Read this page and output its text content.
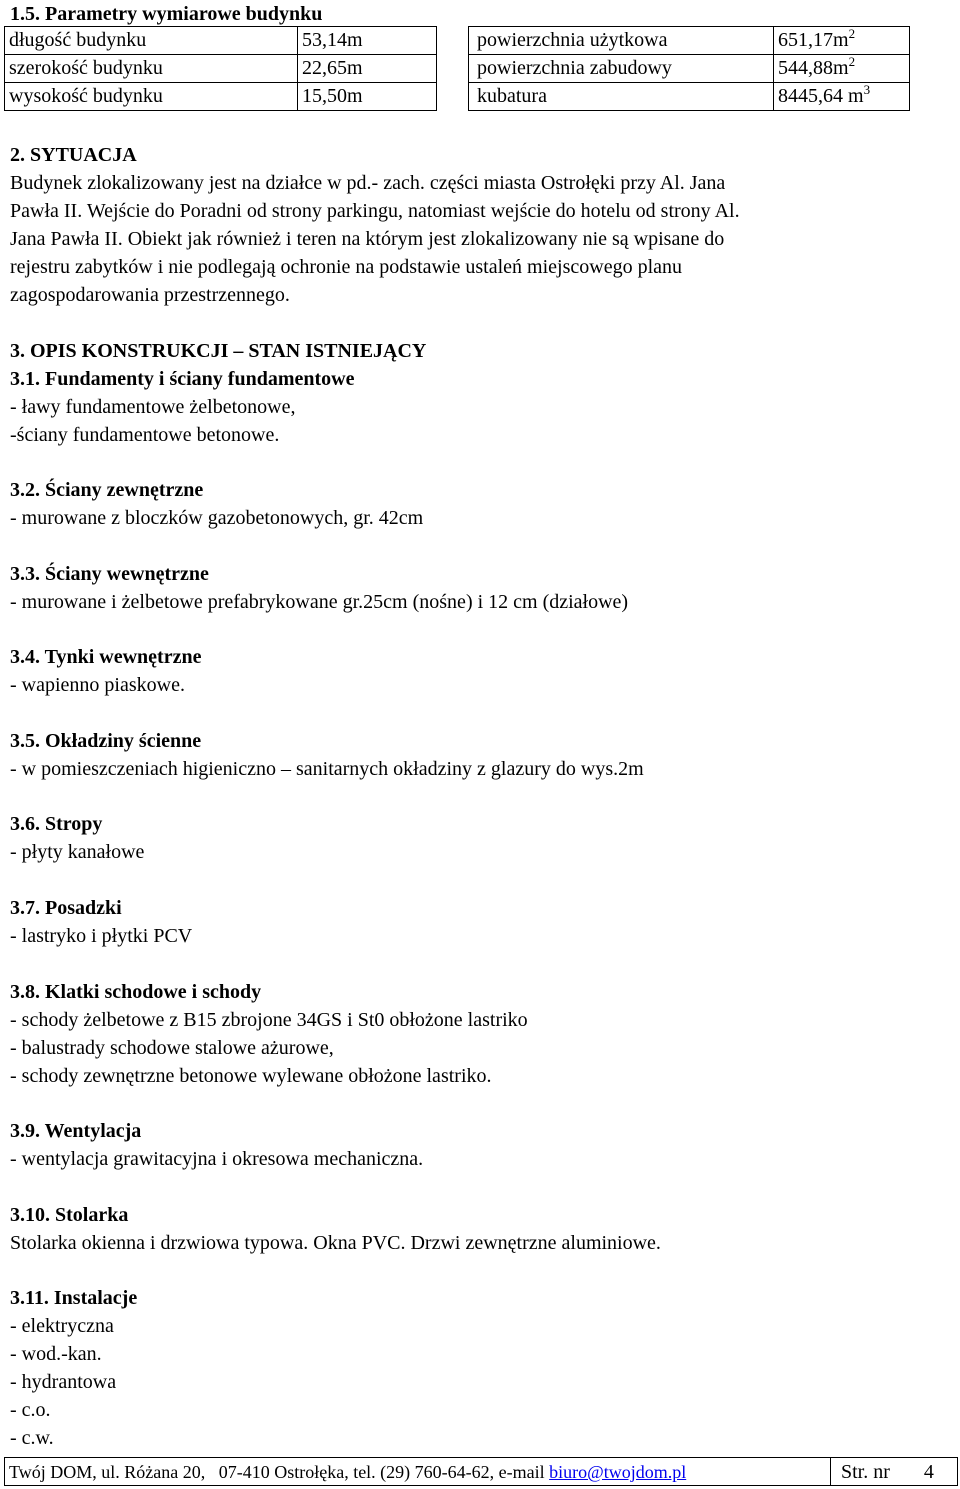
1.5. Parametry wymiarowe budynku
długość budynku	53,14m
szerokość budynku	22,65m
wysokość budynku	15,50m
powierzchnia użytkowa	$651,17m^2$
powierzchnia zabudowy	$544,88m^2$
kubatura	8445,64 $m^3$
2. SYTUACJA
Budynek zlokalizowany jest na działce w pd.- zach. części miasta Ostrołęki przy Al. Jana
Pawła II. Wejście do Poradni od strony parkingu, natomiast wejście do hotelu od strony Al.
Jana Pawła II. Obiekt jak również i teren na którym jest zlokalizowany nie są wpisane do
rejestru zabytków i nie podlegają ochronie na podstawie ustaleń miejscowego planu
zagospodarowania przestrzennego.
3. OPIS KONSTRUKCJI – STAN ISTNIEJĄCY
3.1. Fundamenty i ściany fundamentowe
- ławy fundamentowe żelbetonowe,
-ściany fundamentowe betonowe.
3.2. Ściany zewnętrzne
- murowane z bloczków gazobetonowych, gr. 42cm
3.3. Ściany wewnętrzne
- murowane i żelbetowe prefabrykowane gr.25cm (nośne) i 12 cm (działowe)
3.4. Tynki wewnętrzne
- wapienno piaskowe.
3.5. Okładziny ścienne
- w pomieszczeniach higieniczno – sanitarnych okładziny z glazury do wys.2m
3.6. Stropy
- płyty kanałowe
3.7. Posadzki
- lastryko i płytki PCV
3.8. Klatki schodowe i schody
- schody żelbetowe z B15 zbrojone 34GS i St0 obłożone lastriko
- balustrady schodowe stalowe ażurowe,
- schody zewnętrzne betonowe wylewane obłożone lastriko.
3.9. Wentylacja
- wentylacja grawitacyjna i okresowa mechaniczna.
3.10. Stolarka
Stolarka okienna i drzwiowa typowa. Okna PVC. Drzwi zewnętrzne aluminiowe.
3.11. Instalacje
- elektryczna
- wod.-kan.
- hydrantowa
- c.o.
- c.w.
Twój DOM, ul. Różana 20,   07-410 Ostrołęka, tel. (29) 760-64-62, e-mail biuro@twojdom.pl	Str. nr 4
